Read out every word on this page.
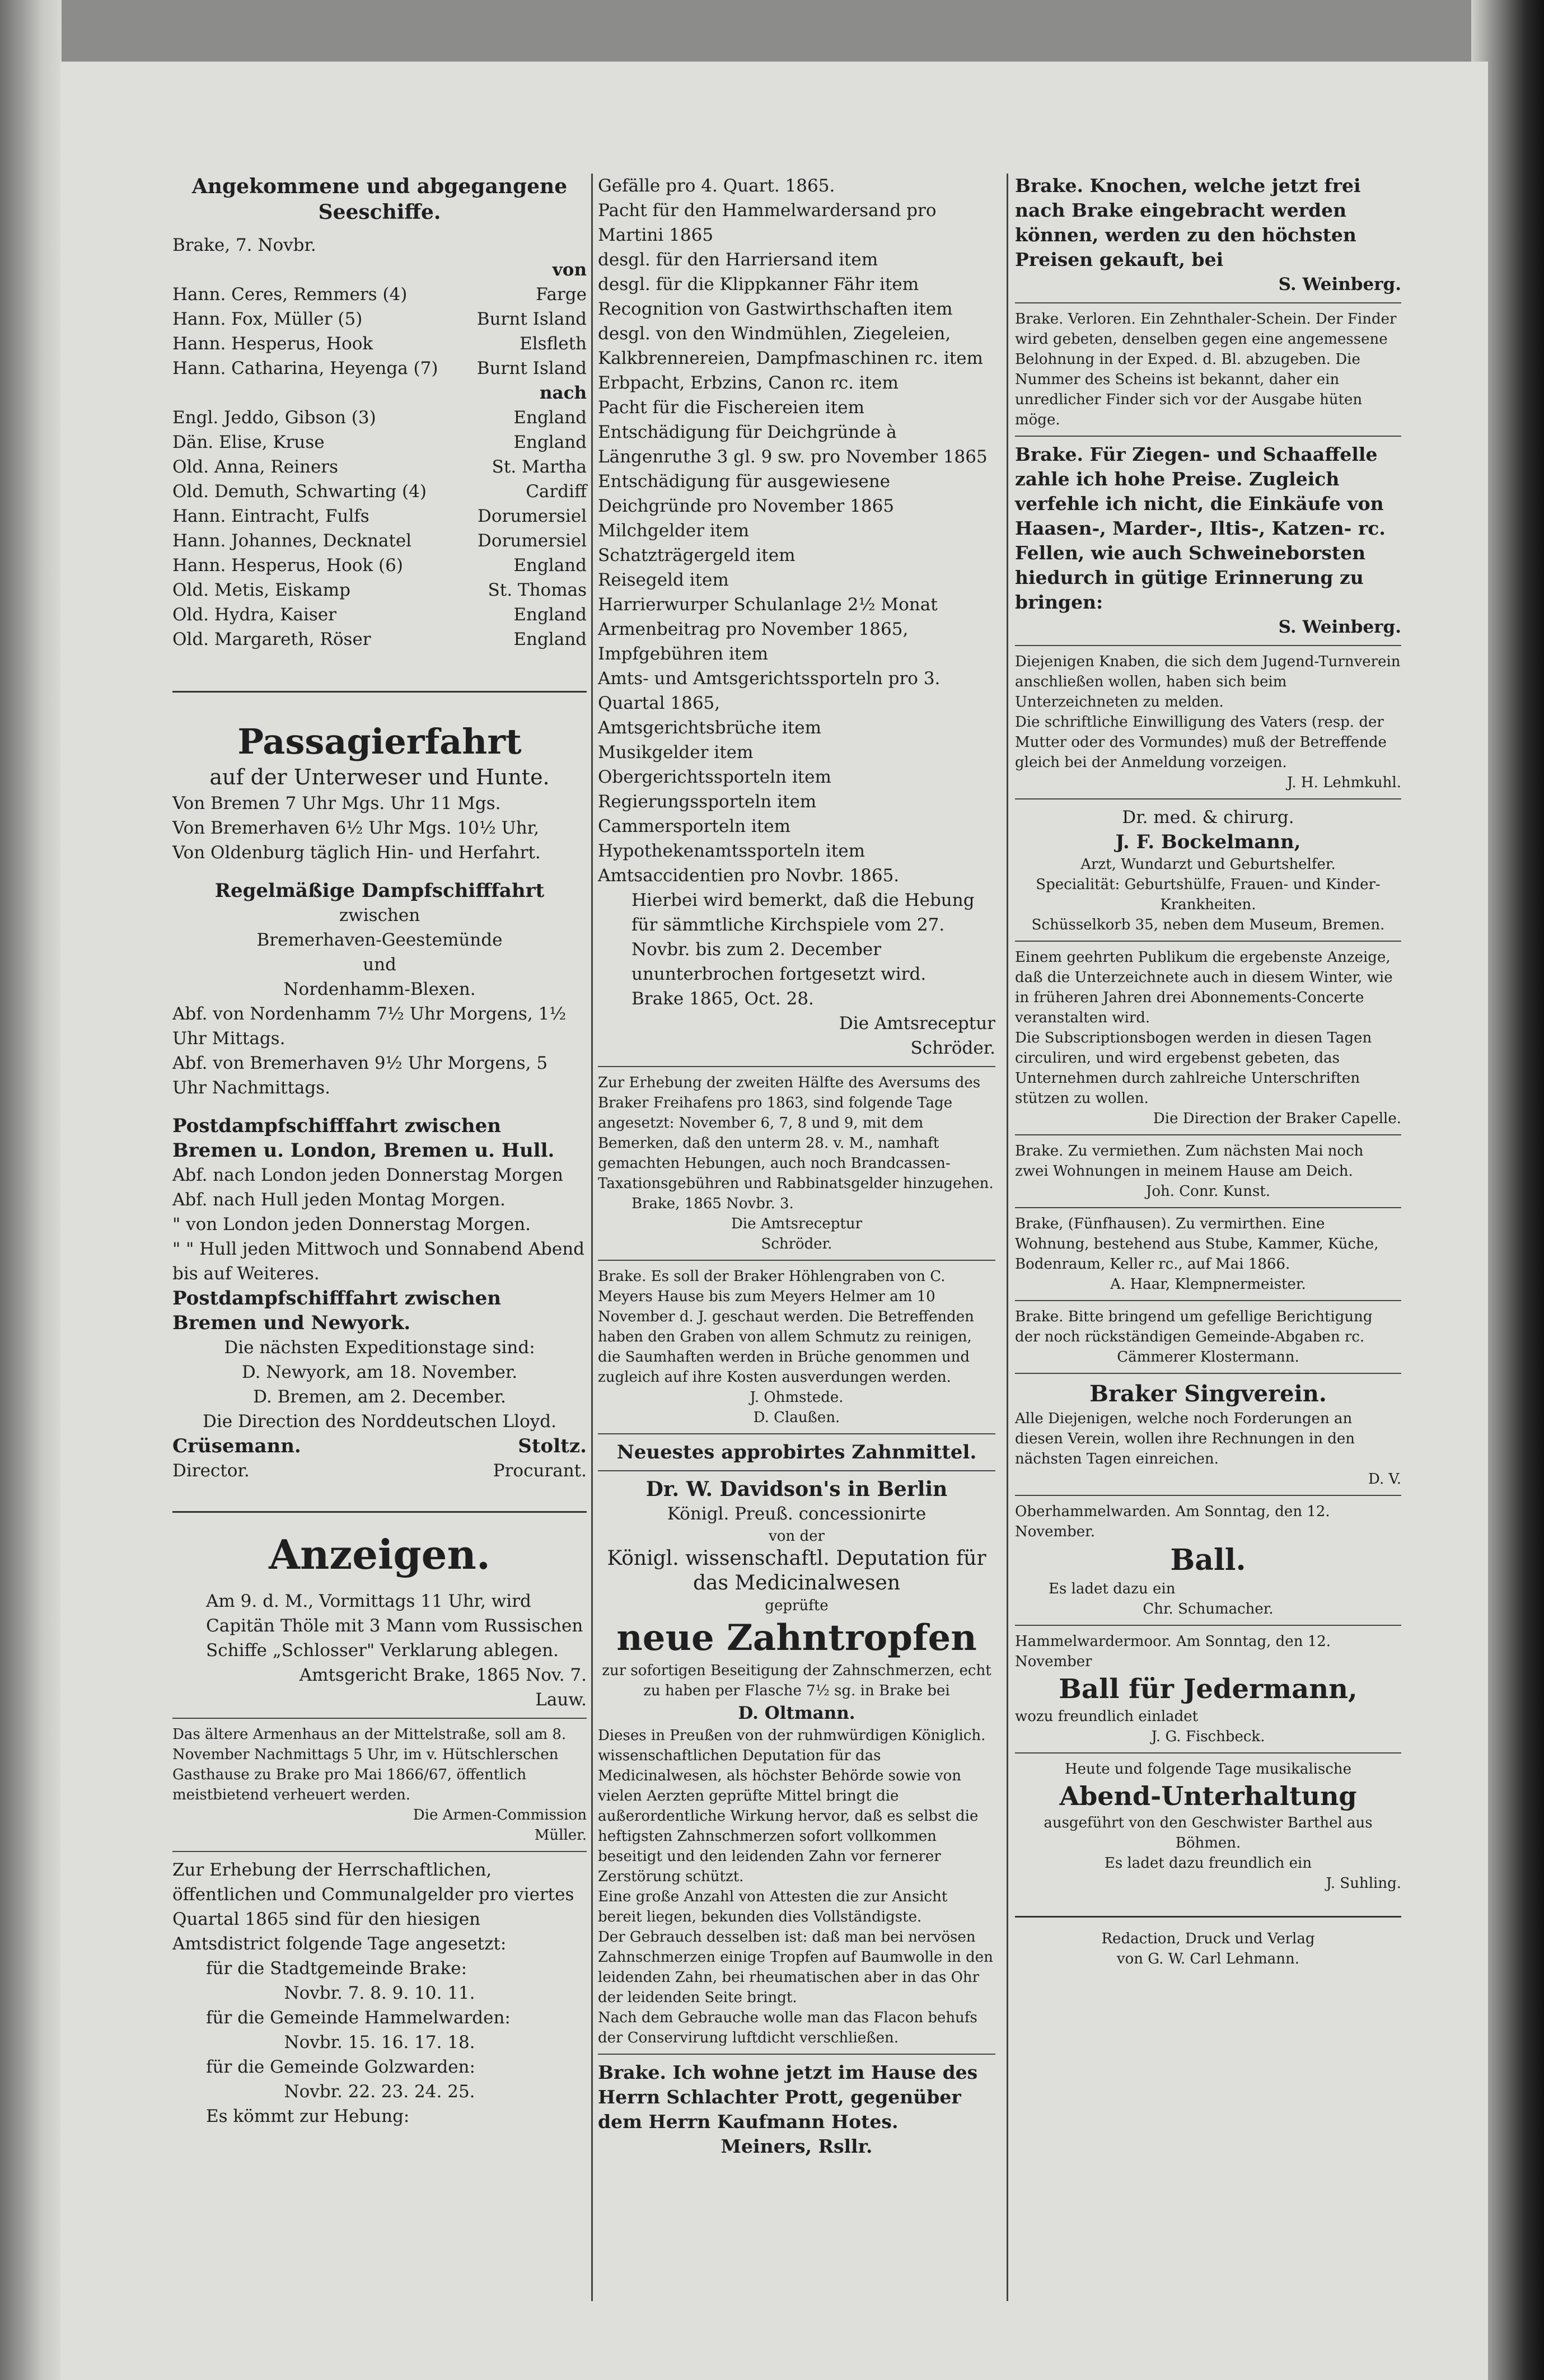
Angekommene und abgegangene Seeschiffe.

Brake, 7. Novbr.

von

Hann. Ceres, Remmers (4)	Farge
Hann. Fox, Müller (5)	Burnt Island
Hann. Hesperus, Hook	Elsfleth
Hann. Catharina, Heyenga (7) Burnt Island

nach

Engl. Jeddo, Gibson (3)	England
Dän. Elise, Kruse	England
Old. Anna, Reiners	St. Martha
Old. Demuth, Schwarting (4)	Cardiff
Hann. Eintracht, Fulfs	Dorumersiel
Hann. Johannes, Decknatel	Dorumersiel
Hann. Hesperus, Hook (6)	England
Old. Metis, Eiskamp	St. Thomas
Old. Hydra, Kaiser	England
Old. Margareth, Röser	England

Passagierfahrt

auf der Unterweser und Hunte.

Von Bremen 7 Uhr Mgs. Uhr 11 Mgs.

Von Bremerhaven 6½ Uhr Mgs. 10½ Uhr,

Von Oldenburg täglich Hin- und Herfahrt.

Regelmäßige Dampfschifffahrt

zwischen

Bremerhaven-Geestemünde

und

Nordenhamm-Blexen.

Abf. von Nordenhamm 7½ Uhr Morgens, 1½ Uhr Mittags.

Abf. von Bremerhaven 9½ Uhr Morgens, 5 Uhr Nachmittags.

Postdampfschifffahrt zwischen Bremen u. London, Bremen u. Hull.

Abf. nach London jeden Donnerstag Morgen

Abf. nach Hull jeden Montag Morgen.

" von London jeden Donnerstag Morgen.

" " Hull jeden Mittwoch und Sonnabend Abend bis auf Weiteres.

Postdampfschifffahrt zwischen Bremen und Newyork.

Die nächsten Expeditionstage sind:

D. Newyork, am 18. November.

D. Bremen, am 2. December.

Die Direction des Norddeutschen Lloyd.

Crüsemann.	Stoltz.
Director.	Procurant.

Anzeigen.

Am 9. d. M., Vormittags 11 Uhr, wird Capitän Thöle mit 3 Mann vom Russischen Schiffe „Schlosser" Verklarung ablegen.

Amtsgericht Brake, 1865 Nov. 7.

Lauw.

Das ältere Armenhaus an der Mittelstraße, soll am 8. November Nachmittags 5 Uhr, im v. Hütschlerschen Gasthause zu Brake pro Mai 1866/67, öffentlich meistbietend verheuert werden.

Die Armen-Commission

Müller.

Zur Erhebung der Herrschaftlichen, öffentlichen und Communalgelder pro viertes Quartal 1865 sind für den hiesigen Amtsdistrict folgende Tage angesetzt:

für die Stadtgemeinde Brake:

Novbr. 7. 8. 9. 10. 11.

für die Gemeinde Hammelwarden:

Novbr. 15. 16. 17. 18.

für die Gemeinde Golzwarden:

Novbr. 22. 23. 24. 25.

Es kömmt zur Hebung:

Gefälle pro 4. Quart. 1865.

Pacht für den Hammelwardersand pro Martini 1865

desgl. für den Harriersand item

desgl. für die Klippkanner Fähr item

Recognition von Gastwirthschaften item

desgl. von den Windmühlen, Ziegeleien, Kalkbrennereien, Dampfmaschinen rc. item

Erbpacht, Erbzins, Canon rc. item

Pacht für die Fischereien item

Entschädigung für Deichgründe à Längenruthe 3 gl. 9 sw. pro November 1865

Entschädigung für ausgewiesene Deichgründe pro November 1865

Milchgelder item

Schatzträgergeld item

Reisegeld item

Harrierwurper Schulanlage 2½ Monat

Armenbeitrag pro November 1865,

Impfgebühren item

Amts- und Amtsgerichtssporteln pro 3. Quartal 1865,

Amtsgerichtsbrüche item

Musikgelder item

Obergerichtssporteln item

Regierungssporteln item

Cammersporteln item

Hypothekenamtssporteln item

Amtsaccidentien pro Novbr. 1865.

Hierbei wird bemerkt, daß die Hebung für sämmtliche Kirchspiele vom 27. Novbr. bis zum 2. December ununterbrochen fortgesetzt wird.

Brake 1865, Oct. 28.

Die Amtsreceptur

Schröder.

Zur Erhebung der zweiten Hälfte des Aversums des Braker Freihafens pro 1863, sind folgende Tage angesetzt: November 6, 7, 8 und 9, mit dem Bemerken, daß den unterm 28. v. M., namhaft gemachten Hebungen, auch noch Brandcassen-Taxationsgebühren und Rabbinatsgelder hinzugehen.

Brake, 1865 Novbr. 3.

Die Amtsreceptur

Schröder.

Brake. Es soll der Braker Höhlengraben von C. Meyers Hause bis zum Meyers Helmer am 10 November d. J. geschaut werden. Die Betreffenden haben den Graben von allem Schmutz zu reinigen, die Saumhaften werden in Brüche genommen und zugleich auf ihre Kosten ausverdungen werden.

J. Ohmstede.

D. Claußen.

Neuestes approbirtes Zahnmittel.

Dr. W. Davidson's in Berlin

Königl. Preuß. concessionirte

von der

Königl. wissenschaftl. Deputation für

das Medicinalwesen

geprüfte

neue Zahntropfen

zur sofortigen Beseitigung der Zahnschmerzen, echt zu haben per Flasche 7½ sg. in Brake bei

D. Oltmann.

Dieses in Preußen von der ruhmwürdigen Königlich. wissenschaftlichen Deputation für das Medicinalwesen, als höchster Behörde sowie von vielen Aerzten geprüfte Mittel bringt die außerordentliche Wirkung hervor, daß es selbst die heftigsten Zahnschmerzen sofort vollkommen beseitigt und den leidenden Zahn vor fernerer Zerstörung schützt.

Eine große Anzahl von Attesten die zur Ansicht bereit liegen, bekunden dies Vollständigste.

Der Gebrauch desselben ist: daß man bei nervösen Zahnschmerzen einige Tropfen auf Baumwolle in den leidenden Zahn, bei rheumatischen aber in das Ohr der leidenden Seite bringt.

Nach dem Gebrauche wolle man das Flacon behufs der Conservirung luftdicht verschließen.

Brake. Ich wohne jetzt im Hause des Herrn Schlachter Prott, gegenüber dem Herrn Kaufmann Hotes.

Meiners, Rsllr.

Brake. Knochen, welche jetzt frei nach Brake eingebracht werden können, werden zu den höchsten Preisen gekauft, bei

S. Weinberg.

Brake. Verloren. Ein Zehnthaler-Schein. Der Finder wird gebeten, denselben gegen eine angemessene Belohnung in der Exped. d. Bl. abzugeben. Die Nummer des Scheins ist bekannt, daher ein unredlicher Finder sich vor der Ausgabe hüten möge.

Brake. Für Ziegen- und Schaaffelle zahle ich hohe Preise. Zugleich verfehle ich nicht, die Einkäufe von Haasen-, Marder-, Iltis-, Katzen- rc. Fellen, wie auch Schweineborsten hiedurch in gütige Erinnerung zu bringen:

S. Weinberg.

Diejenigen Knaben, die sich dem Jugend-Turnverein anschließen wollen, haben sich beim Unterzeichneten zu melden.

Die schriftliche Einwilligung des Vaters (resp. der Mutter oder des Vormundes) muß der Betreffende gleich bei der Anmeldung vorzeigen.

J. H. Lehmkuhl.

Dr. med. & chirurg.

J. F. Bockelmann,

Arzt, Wundarzt und Geburtshelfer.

Specialität: Geburtshülfe, Frauen- und Kinder-Krankheiten.

Schüsselkorb 35, neben dem Museum, Bremen.

Einem geehrten Publikum die ergebenste Anzeige, daß die Unterzeichnete auch in diesem Winter, wie in früheren Jahren drei Abonnements-Concerte veranstalten wird.

Die Subscriptionsbogen werden in diesen Tagen circuliren, und wird ergebenst gebeten, das Unternehmen durch zahlreiche Unterschriften stützen zu wollen.

Die Direction der Braker Capelle.

Brake. Zu vermiethen. Zum nächsten Mai noch zwei Wohnungen in meinem Hause am Deich.

Joh. Conr. Kunst.

Brake, (Fünfhausen). Zu vermirthen. Eine Wohnung, bestehend aus Stube, Kammer, Küche, Bodenraum, Keller rc., auf Mai 1866.

A. Haar, Klempnermeister.

Brake. Bitte bringend um gefellige Berichtigung der noch rückständigen Gemeinde-Abgaben rc.

Cämmerer Klostermann.

Braker Singverein.

Alle Diejenigen, welche noch Forderungen an diesen Verein, wollen ihre Rechnungen in den nächsten Tagen einreichen.

D. V.

Oberhammelwarden. Am Sonntag, den 12. November.

Ball.

Es ladet dazu ein

Chr. Schumacher.

Hammelwardermoor. Am Sonntag, den 12. November

Ball für Jedermann,

wozu freundlich einladet

J. G. Fischbeck.

Heute und folgende Tage musikalische

Abend-Unterhaltung

ausgeführt von den Geschwister Barthel aus Böhmen.

Es ladet dazu freundlich ein

J. Suhling.

Redaction, Druck und Verlag

von G. W. Carl Lehmann.
